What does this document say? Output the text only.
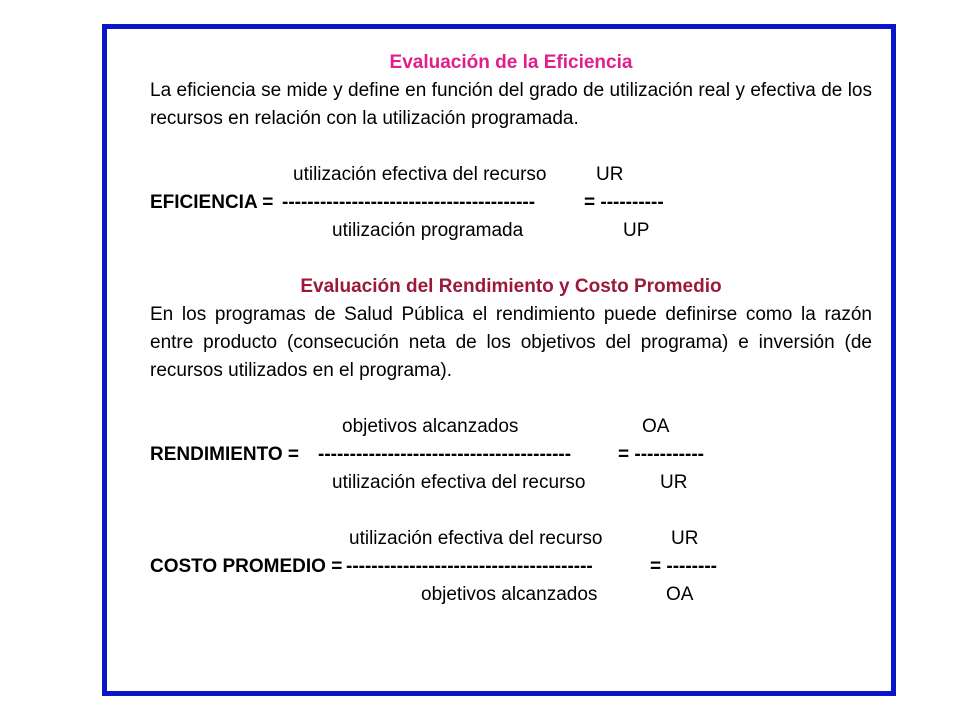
Evaluación de la Eficiencia
La eficiencia se mide y define en función del grado de utilización real y efectiva de los recursos en relación con la utilización programada.

utilización efectiva del recurso

	UR

EFICIENCIA =

----------------------------------------

= ----------

utilización programada

	UP

Evaluación del Rendimiento y Costo Promedio
En los programas de Salud Pública el rendimiento puede definirse como la razón entre producto (consecución neta de los objetivos del programa) e inversión (de recursos utilizados en el programa).

objetivos alcanzados

	OA

RENDIMIENTO =

----------------------------------------

= -----------

utilización efectiva del recurso

	UR

utilización efectiva del recurso

	UR

COSTO PROMEDIO =

---------------------------------------

	= --------

objetivos alcanzados

	OA
